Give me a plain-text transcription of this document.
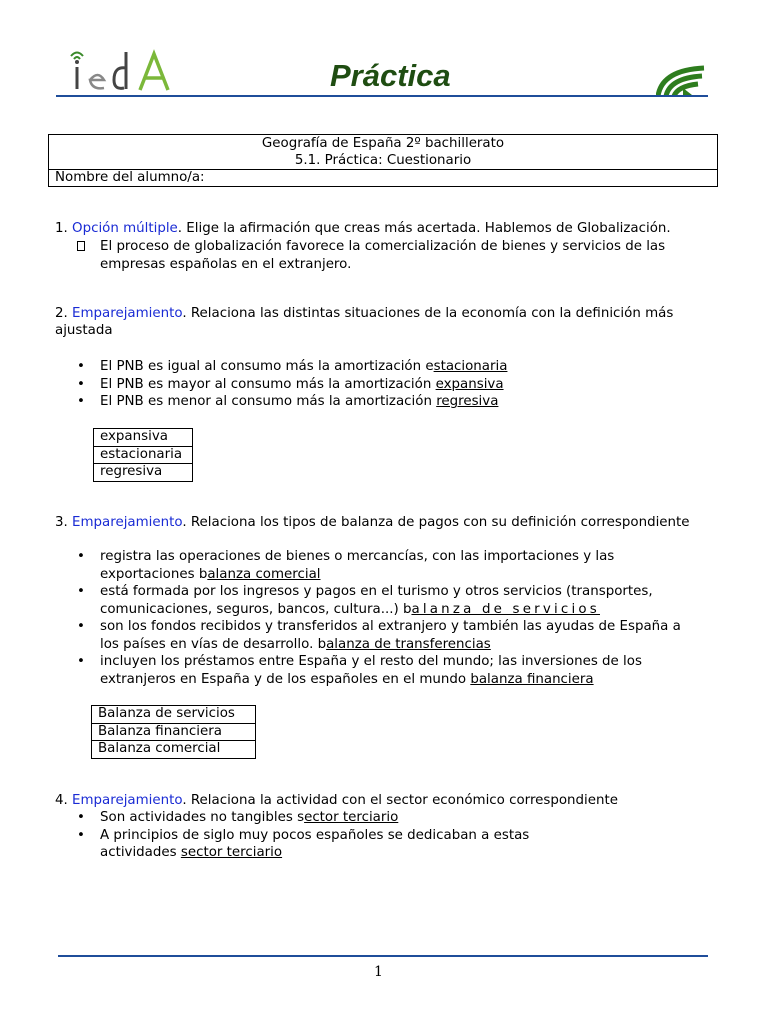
Práctica
Geografía de España 2º bachillerato
5.1. Práctica: Cuestionario
Nombre del alumno/a:
1. Opción múltiple. Elige la afirmación que creas más acertada. Hablemos de Globalización.
El proceso de globalización favorece la comercialización de bienes y servicios de las
empresas españolas en el extranjero.
2. Emparejamiento. Relaciona las distintas situaciones de la economía con la definición más
ajustada
• El PNB es igual al consumo más la amortización estacionaria
• El PNB es mayor al consumo más la amortización expansiva
• El PNB es menor al consumo más la amortización regresiva
expansiva
estacionaria
regresiva
3. Emparejamiento. Relaciona los tipos de balanza de pagos con su definición correspondiente
• registra las operaciones de bienes o mercancías, con las importaciones y las
exportaciones balanza comercial
• está formada por los ingresos y pagos en el turismo y otros servicios (transportes,
comunicaciones, seguros, bancos, cultura...) balanza de servicios
• son los fondos recibidos y transferidos al extranjero y también las ayudas de España a
los países en vías de desarrollo. balanza de transferencias
• incluyen los préstamos entre España y el resto del mundo; las inversiones de los
extranjeros en España y de los españoles en el mundo balanza financiera
Balanza de servicios
Balanza financiera
Balanza comercial
4. Emparejamiento. Relaciona la actividad con el sector económico correspondiente
• Son actividades no tangibles sector terciario
• A principios de siglo muy pocos españoles se dedicaban a estas
actividades sector terciario
1
